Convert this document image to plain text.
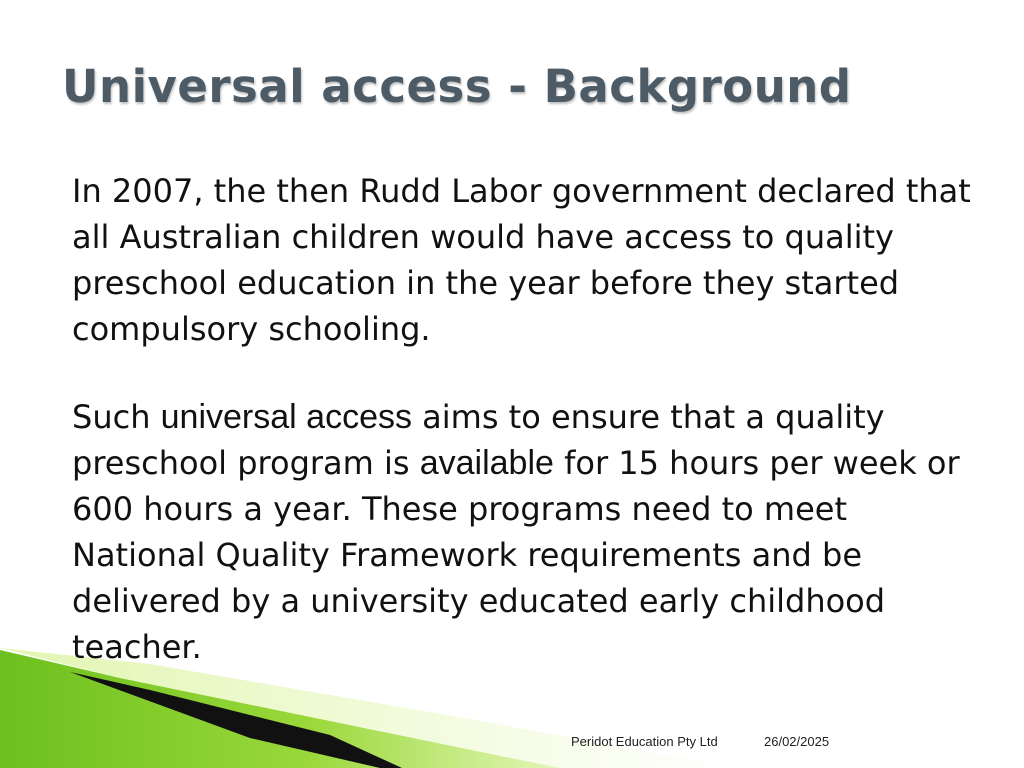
Universal access - Background

In 2007, the then Rudd Labor government declared that all Australian children would have access to quality preschool education in the year before they started compulsory schooling.

Such universal access aims to ensure that a quality preschool program is available for 15 hours per week or 600 hours a year. These programs need to meet National Quality Framework requirements and be delivered by a university educated early childhood teacher.

Peridot Education Pty Ltd	26/02/2025
